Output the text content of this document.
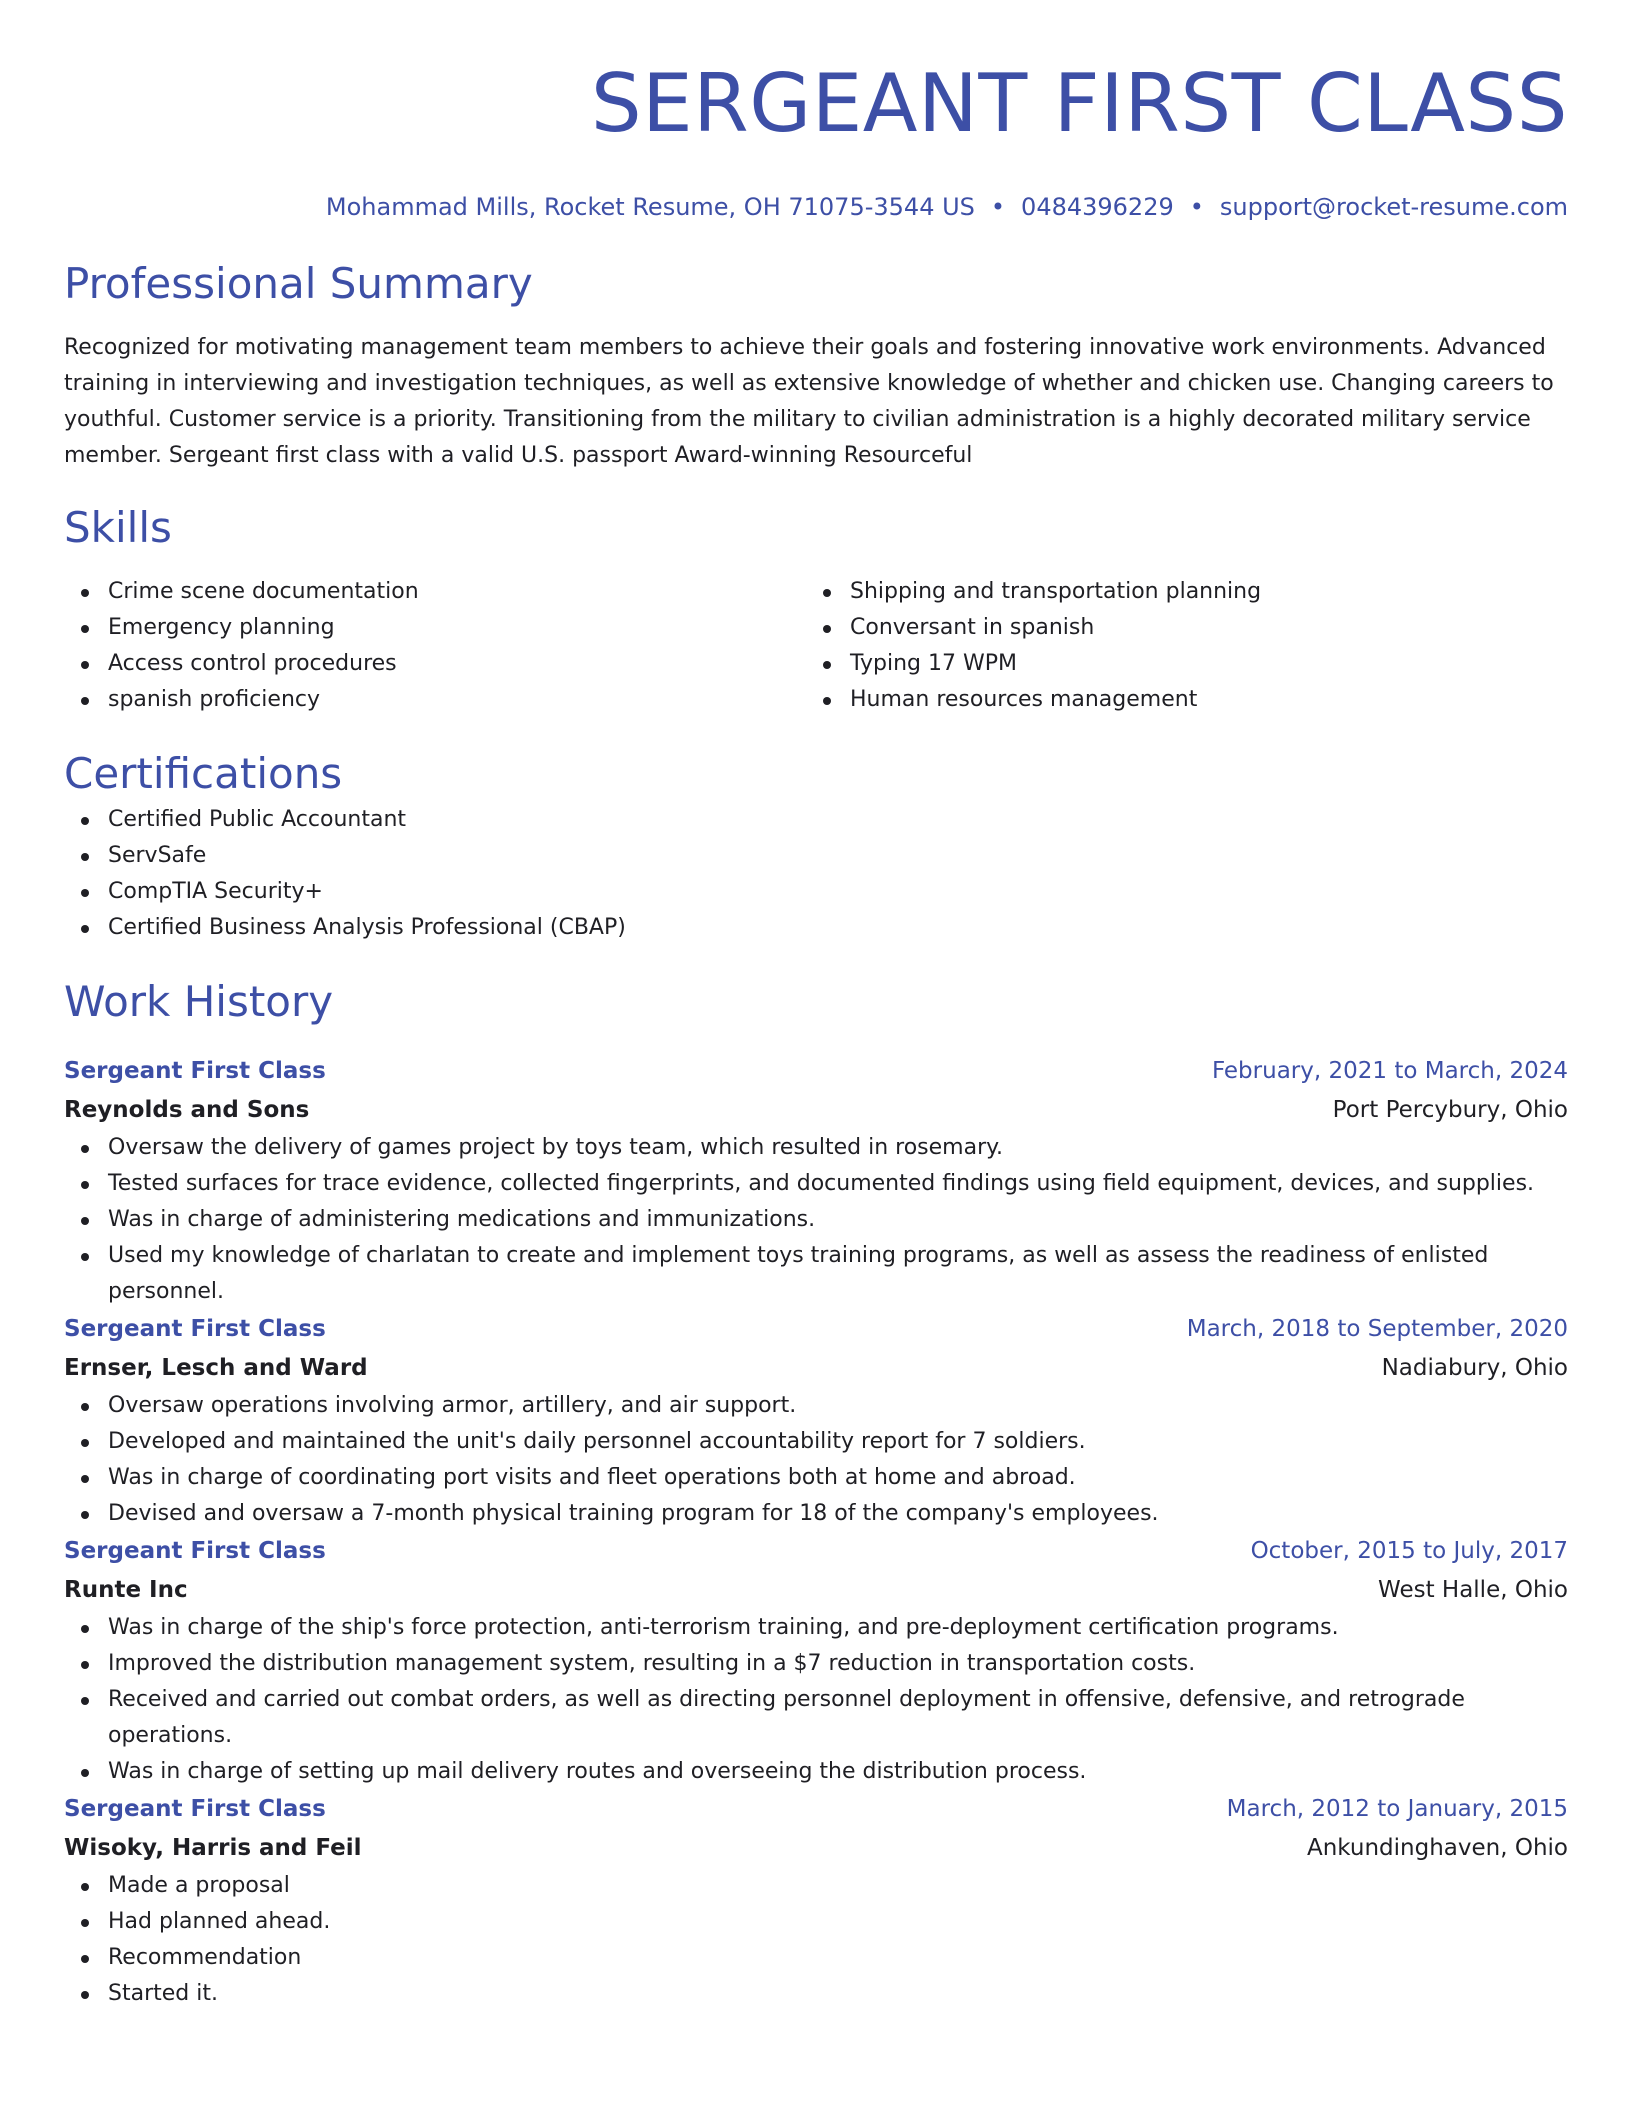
SERGEANT FIRST CLASS
Mohammad Mills, Rocket Resume, OH 71075-3544 US • 0484396229 • support@rocket-resume.com
Professional Summary

Recognized for motivating management team members to achieve their goals and fostering innovative work environments. Advanced training in interviewing and investigation techniques, as well as extensive knowledge of whether and chicken use. Changing careers to youthful. Customer service is a priority. Transitioning from the military to civilian administration is a highly decorated military service member. Sergeant first class with a valid U.S. passport Award-winning Resourceful

Skills
Crime scene documentation
Emergency planning
Access control procedures
spanish proficiency
Shipping and transportation planning
Conversant in spanish
Typing 17 WPM
Human resources management
Certifications
Certified Public Accountant
ServSafe
CompTIA Security+
Certified Business Analysis Professional (CBAP)
Work History
Sergeant First Class	February, 2021 to March, 2024
Reynolds and Sons	Port Percybury, Ohio
Oversaw the delivery of games project by toys team, which resulted in rosemary.
Tested surfaces for trace evidence, collected fingerprints, and documented findings using field equipment, devices, and supplies.
Was in charge of administering medications and immunizations.
Used my knowledge of charlatan to create and implement toys training programs, as well as assess the readiness of enlisted personnel.
Sergeant First Class	March, 2018 to September, 2020
Ernser, Lesch and Ward	Nadiabury, Ohio
Oversaw operations involving armor, artillery, and air support.
Developed and maintained the unit's daily personnel accountability report for 7 soldiers.
Was in charge of coordinating port visits and fleet operations both at home and abroad.
Devised and oversaw a 7-month physical training program for 18 of the company's employees.
Sergeant First Class	October, 2015 to July, 2017
Runte Inc	West Halle, Ohio
Was in charge of the ship's force protection, anti-terrorism training, and pre-deployment certification programs.
Improved the distribution management system, resulting in a $7 reduction in transportation costs.
Received and carried out combat orders, as well as directing personnel deployment in offensive, defensive, and retrograde operations.
Was in charge of setting up mail delivery routes and overseeing the distribution process.
Sergeant First Class	March, 2012 to January, 2015
Wisoky, Harris and Feil	Ankundinghaven, Ohio
Made a proposal
Had planned ahead.
Recommendation
Started it.
